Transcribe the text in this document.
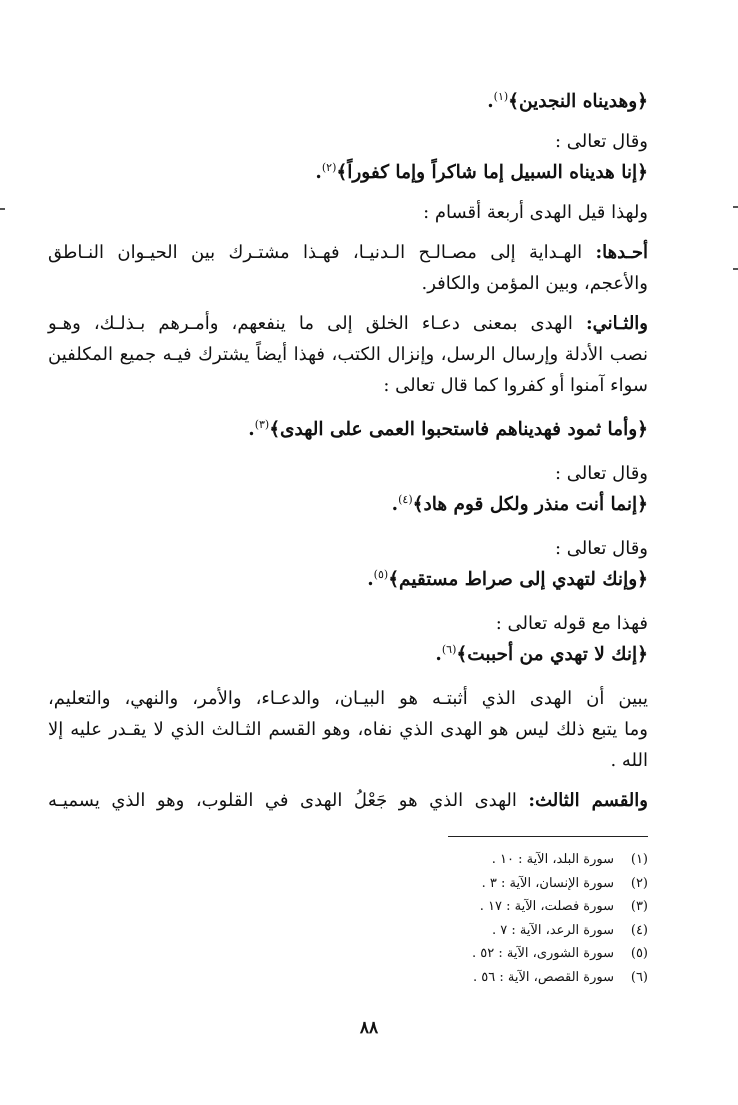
﴿وهدیناه النجدین﴾$^{(١)}$.

وقال تعالى :

﴿إنا هدیناه السبیل إما شاكراً وإما كفوراً﴾$^{(٢)}$.

ولهذا قیل الهدى أربعة أقسام :

أحـدها: الهـدایة إلى مصـالـح الـدنیـا، فهـذا مشتـرك بین الحیـوان النـاطق

والأعجم، وبین المؤمن والكافر.

والثـاني: الهدى بمعنى دعـاء الخلق إلى ما ینفعهم، وأمـرهم بـذلـك، وهـو

نصب الأدلة وإرسال الرسل، وإنزال الكتب، فهذا أیضاً یشترك فیـه جمیع المكلفین

سواء آمنوا أو كفروا كما قال تعالى :

﴿وأما ثمود فهدیناهم فاستحبوا العمى على الهدى﴾$^{(٣)}$.

وقال تعالى :

﴿إنما أنت منذر ولكل قوم هاد﴾$^{(٤)}$.

وقال تعالى :

﴿وإنك لتهدي إلى صراط مستقیم﴾$^{(٥)}$.

فهذا مع قوله تعالى :

﴿إنك لا تهدي من أحببت﴾$^{(٦)}$.

یبین أن الهدى الذي أثبتـه هو البیـان، والدعـاء، والأمر، والنهي، والتعلیم،

وما یتبع ذلك لیس هو الهدى الذي نفاه، وهو القسم الثـالث الذي لا یقـدر علیه إلا

الله .

والقسم الثالث: الهدى الذي هو جَعْلُ الهدى في القلوب، وهو الذي یسمیـه

(١)سورة البلد، الآیة : ١٠ .
(٢)سورة الإنسان، الآیة : ٣ .
(٣)سورة فصلت، الآیة : ١٧ .
(٤)سورة الرعد، الآیة : ٧ .
(٥)سورة الشورى، الآیة : ٥٢ .
(٦)سورة القصص، الآیة : ٥٦ .
٨٨
